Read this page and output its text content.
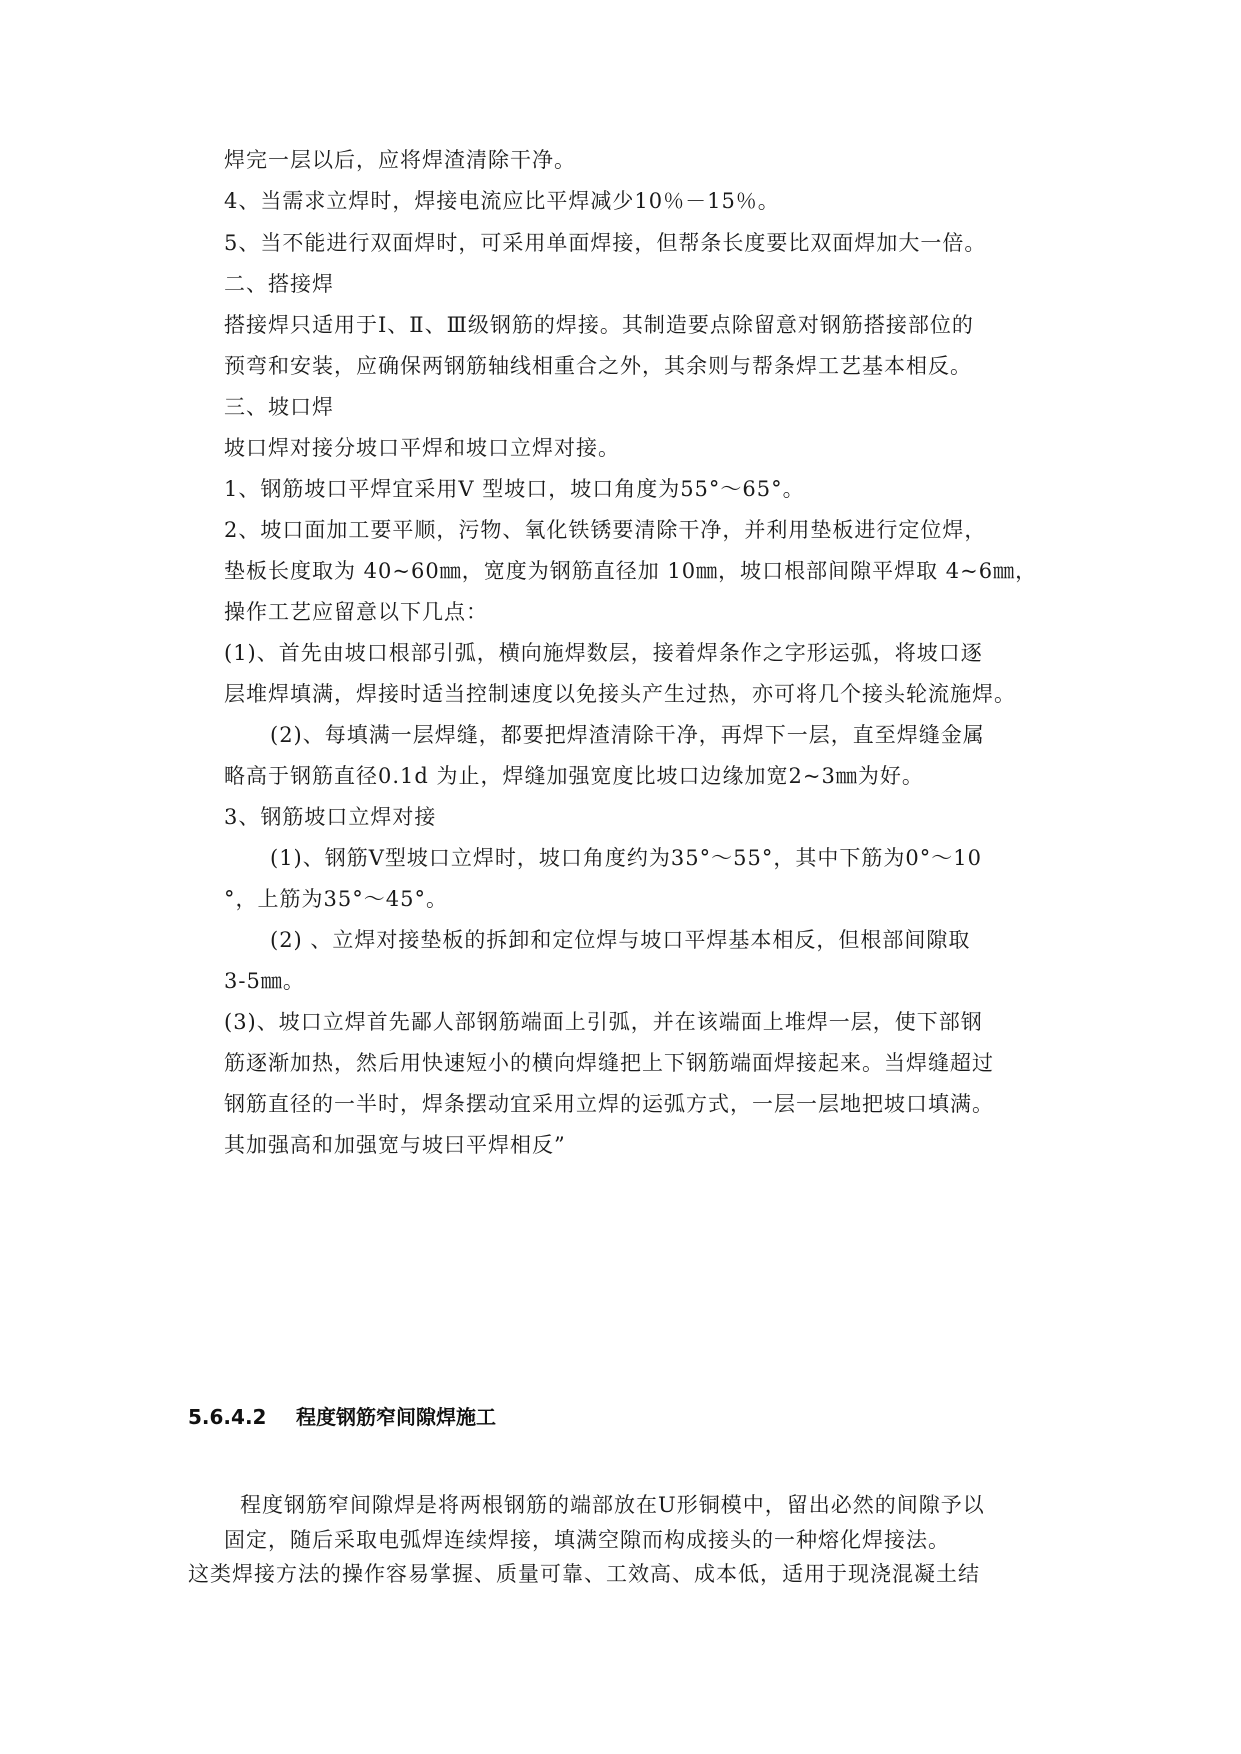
焊完一层以后，应将焊渣清除干净。
4、当需求立焊时，焊接电流应比平焊减少10％－15％。
5、当不能进行双面焊时，可采用单面焊接，但帮条长度要比双面焊加大一倍。
二、搭接焊
搭接焊只适用于Ⅰ、Ⅱ、Ⅲ级钢筋的焊接。其制造要点除留意对钢筋搭接部位的
预弯和安装，应确保两钢筋轴线相重合之外，其余则与帮条焊工艺基本相反。
三、坡口焊
坡口焊对接分坡口平焊和坡口立焊对接。
1、钢筋坡口平焊宜采用V 型坡口，坡口角度为55°～65°。
2、坡口面加工要平顺，污物、氧化铁锈要清除干净，并利用垫板进行定位焊，
垫板长度取为 40~60㎜，宽度为钢筋直径加 10㎜，坡口根部间隙平焊取 4~6㎜，
操作工艺应留意以下几点：
(1)、首先由坡口根部引弧，横向施焊数层，接着焊条作之字形运弧，将坡口逐
层堆焊填满，焊接时适当控制速度以免接头产生过热，亦可将几个接头轮流施焊。
(2)、每填满一层焊缝，都要把焊渣清除干净，再焊下一层，直至焊缝金属
略高于钢筋直径0.1d 为止，焊缝加强宽度比坡口边缘加宽2~3㎜为好。
3、钢筋坡口立焊对接
(1)、钢筋Ⅴ型坡口立焊时，坡口角度约为35°～55°，其中下筋为0°～10
°，上筋为35°～45°。
(2) 、立焊对接垫板的拆卸和定位焊与坡口平焊基本相反，但根部间隙取
3-5㎜。
(3)、坡口立焊首先鄙人部钢筋端面上引弧，并在该端面上堆焊一层，使下部钢
筋逐渐加热，然后用快速短小的横向焊缝把上下钢筋端面焊接起来。当焊缝超过
钢筋直径的一半时，焊条摆动宜采用立焊的运弧方式，一层一层地把坡口填满。
其加强高和加强宽与坡曰平焊相反”
5.6.4.2 程度钢筋窄间隙焊施工
程度钢筋窄间隙焊是将两根钢筋的端部放在U形铜模中，留出必然的间隙予以
固定，随后采取电弧焊连续焊接，填满空隙而构成接头的一种熔化焊接法。
这类焊接方法的操作容易掌握、质量可靠、工效高、成本低，适用于现浇混凝土结
